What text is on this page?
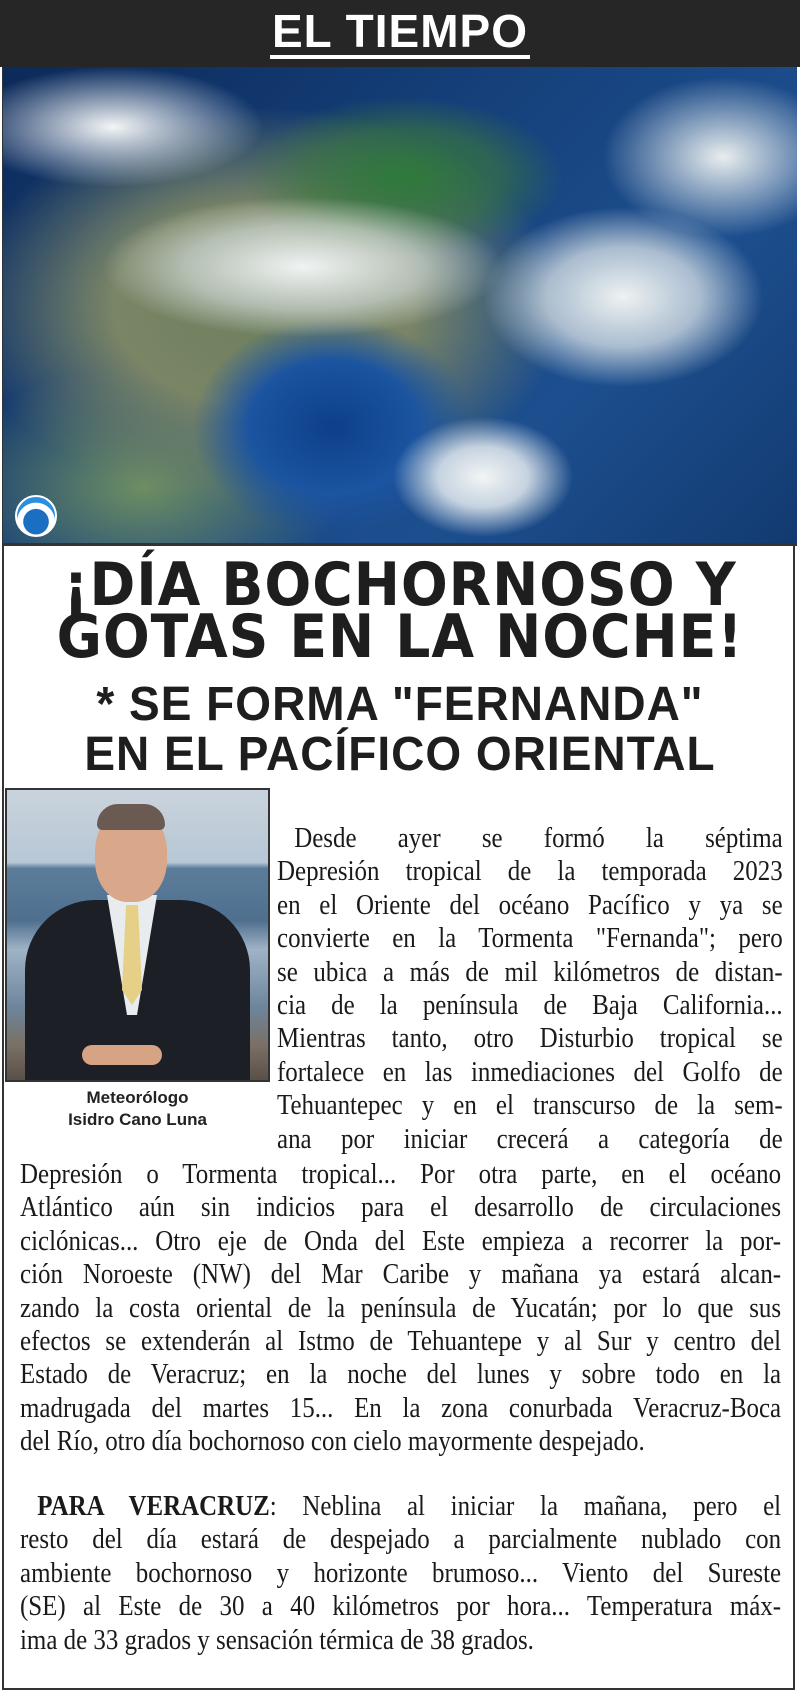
EL TIEMPO
¡DÍA BOCHORNOSO Y
GOTAS EN LA NOCHE!
* SE FORMA "FERNANDA"
EN EL PACÍFICO ORIENTAL
Meteorólogo
Isidro Cano Luna
Desde ayer se formó la séptima
Depresión tropical de la temporada 2023
en el Oriente del océano Pacífico y ya se
convierte en la Tormenta "Fernanda"; pero
se ubica a más de mil kilómetros de distan-
cia de la península de Baja California...
Mientras tanto, otro Disturbio tropical se
fortalece en las inmediaciones del Golfo de
Tehuantepec y en el transcurso de la sem-
ana por iniciar crecerá a categoría de
Depresión o Tormenta tropical... Por otra parte, en el océano
Atlántico aún sin indicios para el desarrollo de circulaciones
ciclónicas... Otro eje de Onda del Este empieza a recorrer la por-
ción Noroeste (NW) del Mar Caribe y mañana ya estará alcan-
zando la costa oriental de la península de Yucatán; por lo que sus
efectos se extenderán al Istmo de Tehuantepe y al Sur y centro del
Estado de Veracruz; en la noche del lunes y sobre todo en la
madrugada del martes 15... En la zona conurbada Veracruz-Boca
del Río, otro día bochornoso con cielo mayormente despejado.
PARA VERACRUZ: Neblina al iniciar la mañana, pero el
resto del día estará de despejado a parcialmente nublado con
ambiente bochornoso y horizonte brumoso... Viento del Sureste
(SE) al Este de 30 a 40 kilómetros por hora... Temperatura máx-
ima de 33 grados y sensación térmica de 38 grados.
